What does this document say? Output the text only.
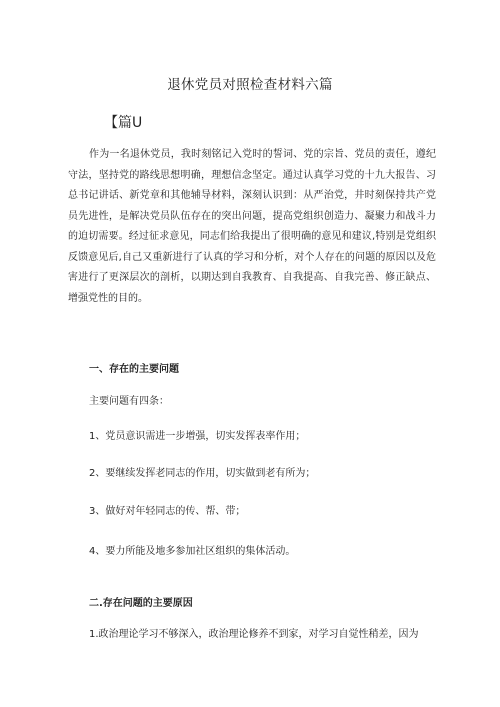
退休党员对照检查材料六篇
【篇U
作为一名退休党员，我时刻铭记入党时的誓词、党的宗旨、党员的责任，遵纪守法，坚持党的路线思想明确，理想信念坚定。通过认真学习党的十九大报告、习总书记讲话、新党章和其他辅导材料，深刻认识到：从严治党，井时刻保持共产党员先进性，是解决党员队伍存在的突出问题，提高党组织创造力、凝聚力和战斗力的迫切需要。经过征求意见，同志们给我提出了很明确的意见和建议,特别是党组织反馈意见后,自己又重新进行了认真的学习和分析，对个人存在的问题的原因以及危害进行了更深层次的剖析，以期达到自我教育、自我提高、自我完善、修正缺点、增强党性的目的。
一、存在的主要问题
主要问题有四条：
1、党员意识需进一步增强，切实发挥表率作用；
2、要继续发挥老同志的作用，切实做到老有所为；
3、做好对年轻同志的传、帮、带；
4、要力所能及地多参加社区组织的集体活动。
二.存在问题的主要原因
1.政治理论学习不够深入，政治理论修养不到家，对学习自觉性稍差，因为
